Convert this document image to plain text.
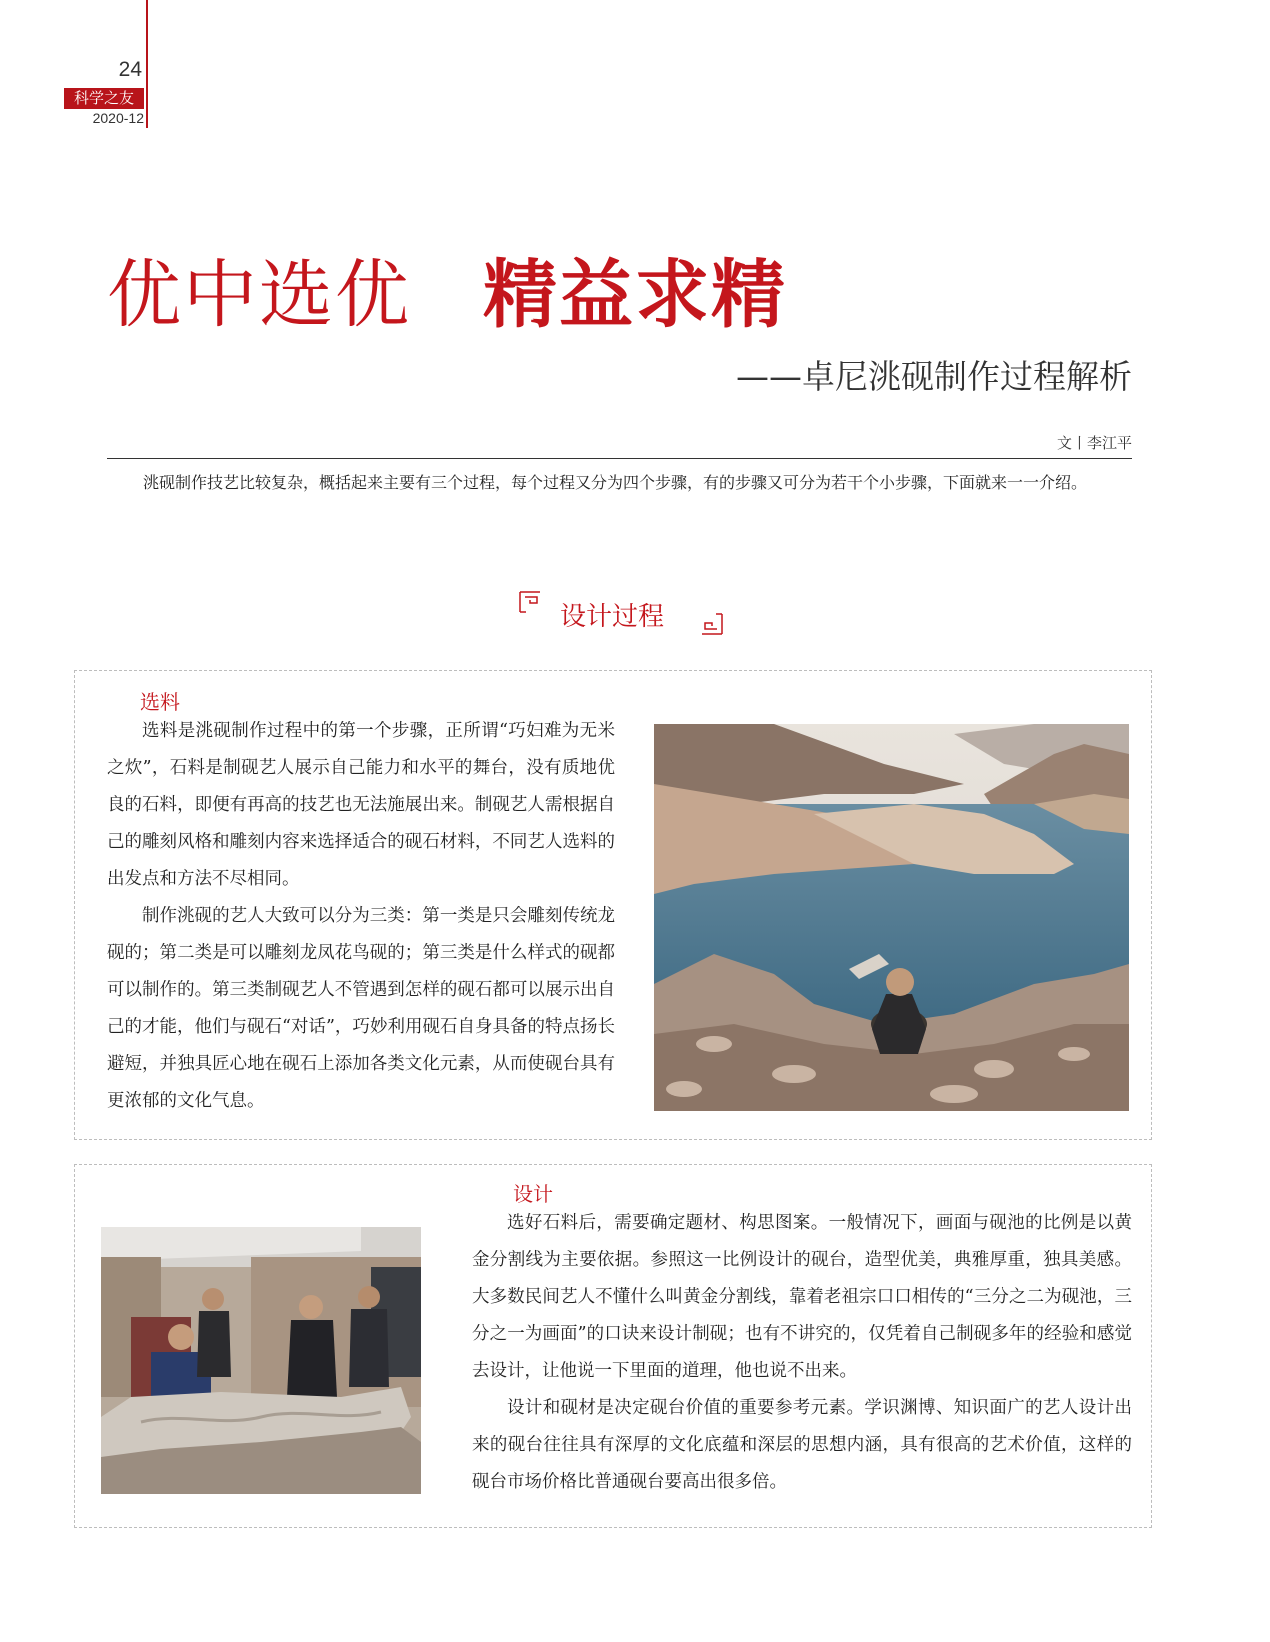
24
科学之友
2020-12
优中选优 精益求精
——卓尼洮砚制作过程解析
文丨李江平

洮砚制作技艺比较复杂，概括起来主要有三个过程，每个过程又分为四个步骤，有的步骤又可分为若干个小步骤，下面就来一一介绍。

设计过程
选料

选料是洮砚制作过程中的第一个步骤，正所谓“巧妇难为无米之炊”，石料是制砚艺人展示自己能力和水平的舞台，没有质地优良的石料，即便有再高的技艺也无法施展出来。制砚艺人需根据自己的雕刻风格和雕刻内容来选择适合的砚石材料，不同艺人选料的出发点和方法不尽相同。

制作洮砚的艺人大致可以分为三类：第一类是只会雕刻传统龙砚的；第二类是可以雕刻龙凤花鸟砚的；第三类是什么样式的砚都可以制作的。第三类制砚艺人不管遇到怎样的砚石都可以展示出自己的才能，他们与砚石“对话”，巧妙利用砚石自身具备的特点扬长避短，并独具匠心地在砚石上添加各类文化元素，从而使砚台具有更浓郁的文化气息。

设计

选好石料后，需要确定题材、构思图案。一般情况下，画面与砚池的比例是以黄金分割线为主要依据。参照这一比例设计的砚台，造型优美，典雅厚重，独具美感。大多数民间艺人不懂什么叫黄金分割线，靠着老祖宗口口相传的“三分之二为砚池，三分之一为画面”的口诀来设计制砚；也有不讲究的，仅凭着自己制砚多年的经验和感觉去设计，让他说一下里面的道理，他也说不出来。

设计和砚材是决定砚台价值的重要参考元素。学识渊博、知识面广的艺人设计出来的砚台往往具有深厚的文化底蕴和深层的思想内涵，具有很高的艺术价值，这样的砚台市场价格比普通砚台要高出很多倍。
